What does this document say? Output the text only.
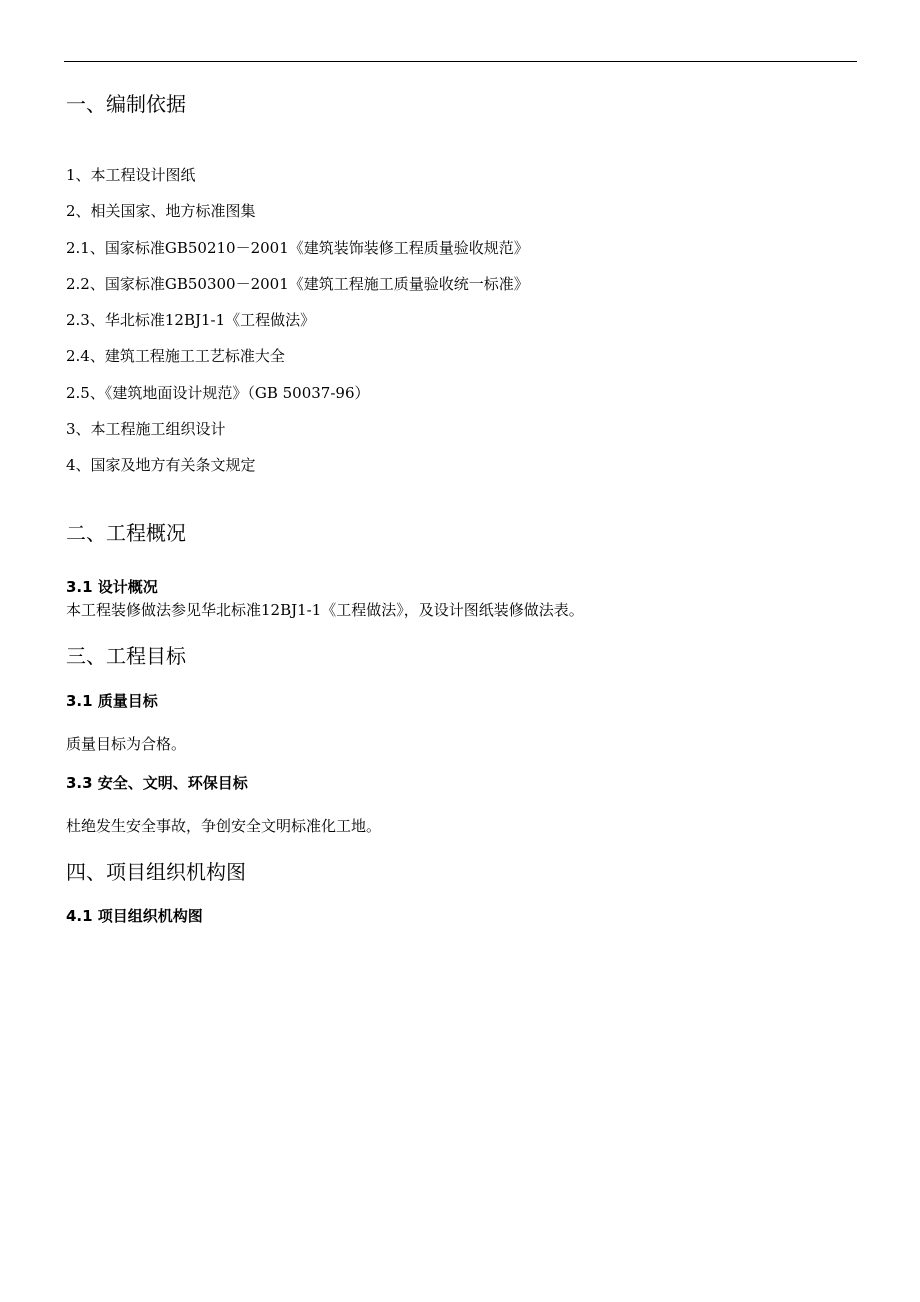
一、编制依据

1、本工程设计图纸

2、相关国家、地方标准图集

2.1、国家标准GB50210－2001《建筑装饰装修工程质量验收规范》

2.2、国家标准GB50300－2001《建筑工程施工质量验收统一标准》

2.3、华北标准12BJ1-1《工程做法》

2.4、建筑工程施工工艺标准大全

2.5、《建筑地面设计规范》（GB 50037-96）

3、本工程施工组织设计

4、国家及地方有关条文规定

二、工程概况
3.1 设计概况

本工程装修做法参见华北标准12BJ1-1《工程做法》，及设计图纸装修做法表。

三、工程目标
3.1 质量目标

质量目标为合格。

3.3 安全、文明、环保目标

杜绝发生安全事故，争创安全文明标准化工地。

四、项目组织机构图
4.1 项目组织机构图
